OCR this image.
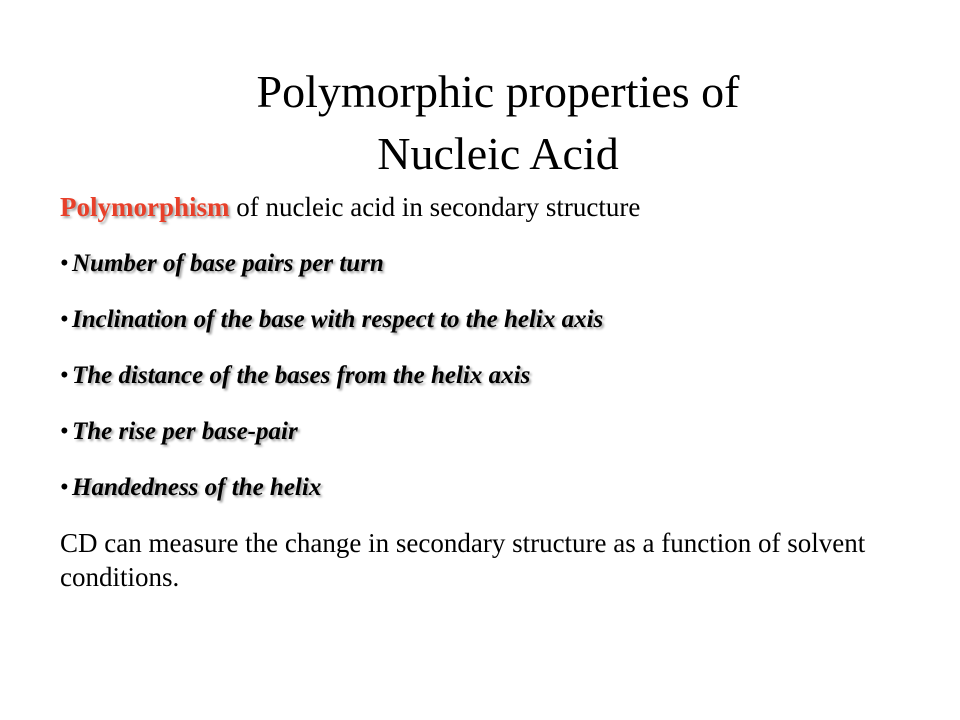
Polymorphic properties of
Nucleic Acid

Polymorphism of nucleic acid in secondary structure

• Number of base pairs per turn
• Inclination of the base with respect to the helix axis
• The distance of the bases from the helix axis
• The rise per base-pair
• Handedness of the helix

CD can measure the change in secondary structure as a function of solvent conditions.
